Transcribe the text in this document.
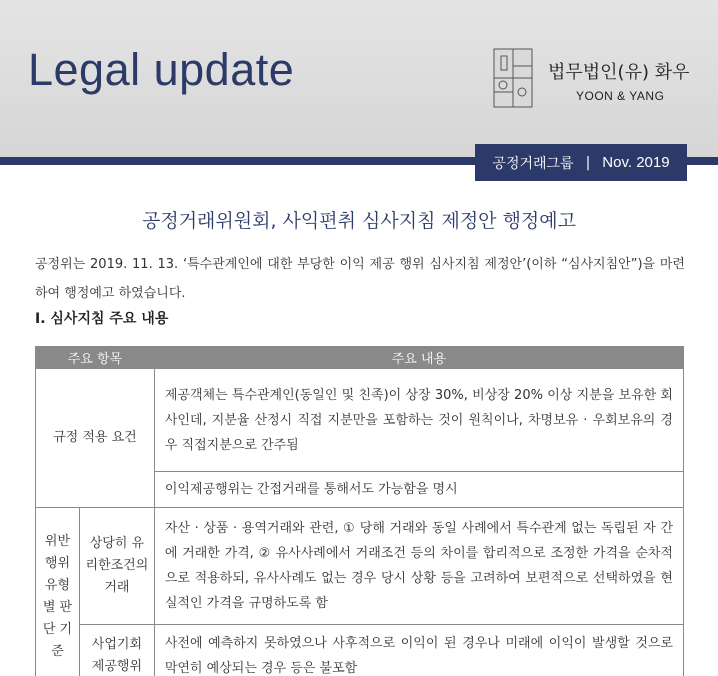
Legal update	법무법인(유) 화우
YOON & YANG
공정거래그룹 | Nov. 2019
공정거래위원회, 사익편취 심사지침 제정안 행정예고
공정위는 2019. 11. 13. ‘특수관계인에 대한 부당한 이익 제공 행위 심사지침 제정안’(이하 “심사지침안”)을 마련하여 행정예고 하였습니다.
I. 심사지침 주요 내용
주요 항목		주요 내용
규정 적용 요건		제공객체는 특수관계인(동일인 및 친족)이 상장 30%, 비상장 20% 이상 지분을 보유한 회사인데, 지분율 산정시 직접 지분만을 포함하는 것이 원칙이나, 차명보유 · 우회보유의 경우 직접지분으로 간주됨
		이익제공행위는 간접거래를 통해서도 가능함을 명시
위반 행위 유형별 판단 기준	상당히 유리한조건의 거래	자산 · 상품 · 용역거래와 관련, ① 당해 거래와 동일 사례에서 특수관계 없는 독립된 자 간에 거래한 가격, ② 유사사례에서 거래조건 등의 차이를 합리적으로 조정한 가격을 순차적으로 적용하되, 유사사례도 없는 경우 당시 상황 등을 고려하여 보편적으로 선택하였을 현실적인 가격을 규명하도록 함
	사업기회 제공행위	사전에 예측하지 못하였으나 사후적으로 이익이 된 경우나 미래에 이익이 발생할 것으로 막연히 예상되는 경우 등은 불포함
